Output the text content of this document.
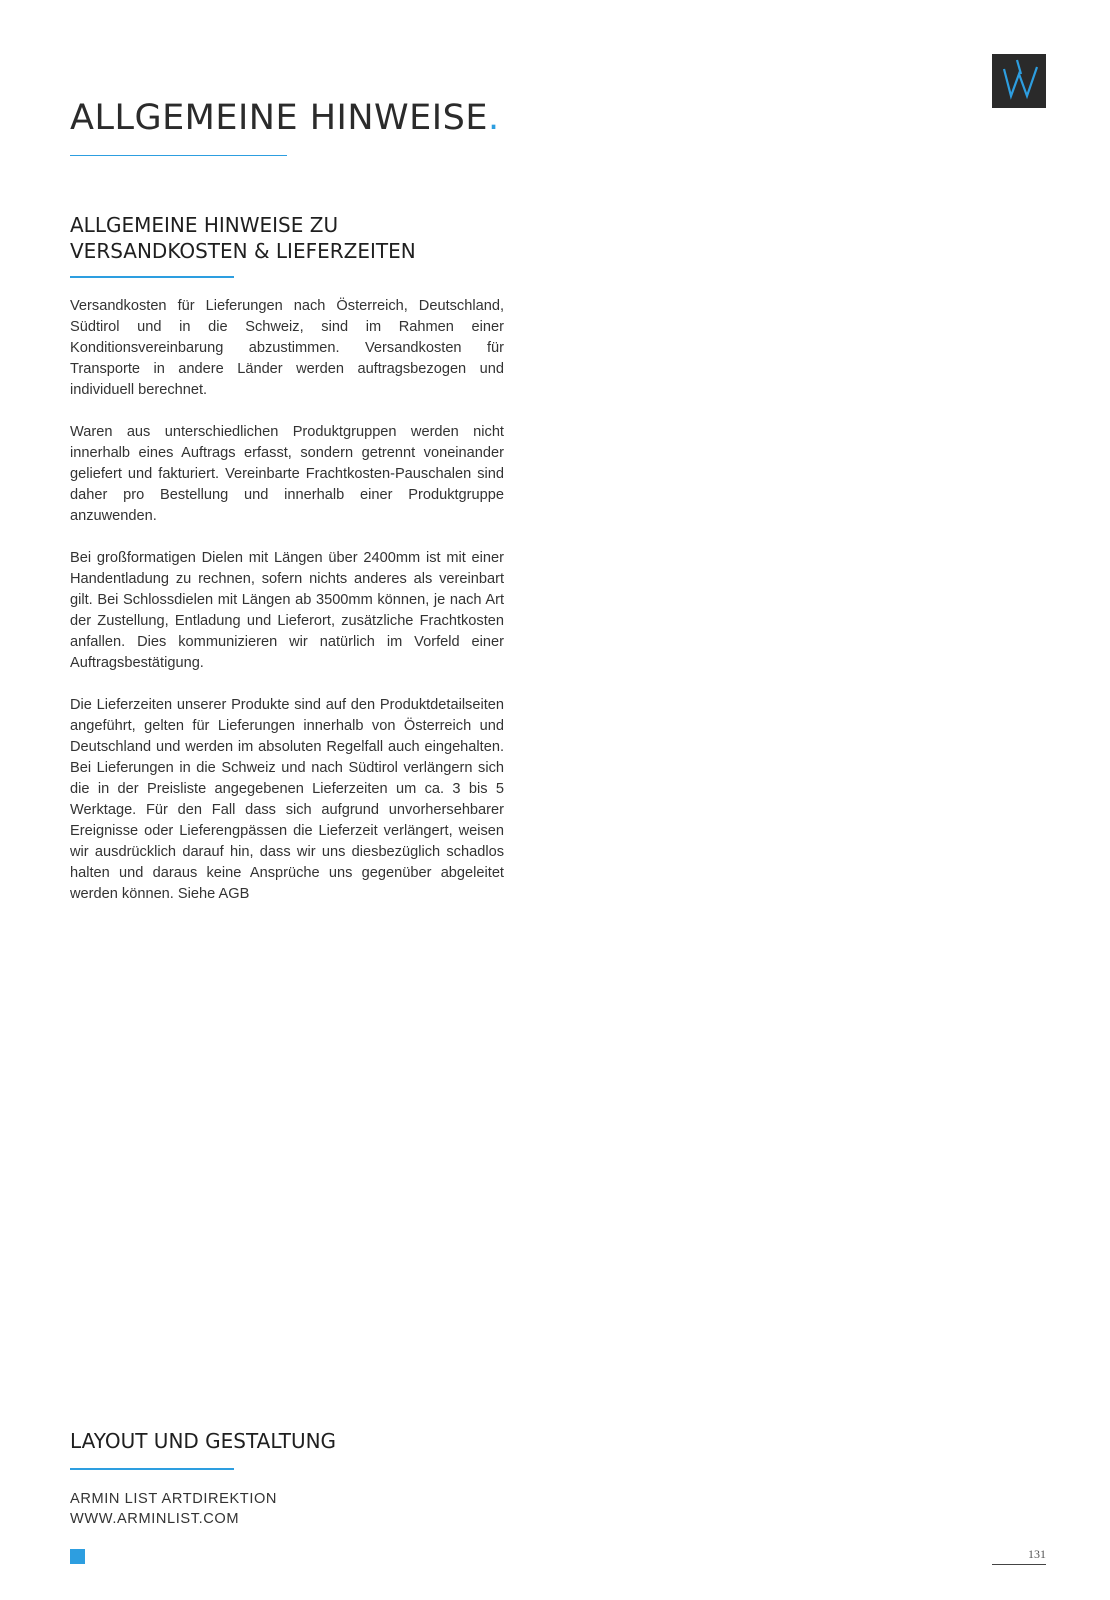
ALLGEMEINE HINWEISE.
ALLGEMEINE HINWEISE ZU
VERSANDKOSTEN & LIEFERZEITEN

Versandkosten für Lieferungen nach Österreich, Deutschland, Südtirol und in die Schweiz, sind im Rahmen einer Konditionsvereinbarung abzustimmen. Versandkosten für Transporte in andere Länder werden auftragsbezogen und individuell berechnet.

Waren aus unterschiedlichen Produktgruppen werden nicht innerhalb eines Auftrags erfasst, sondern getrennt voneinander geliefert und fakturiert. Vereinbarte Frachtkosten-Pauschalen sind daher pro Bestellung und innerhalb einer Produktgruppe anzuwenden.

Bei großformatigen Dielen mit Längen über 2400mm ist mit einer Handentladung zu rechnen, sofern nichts anderes als vereinbart gilt. Bei Schlossdielen mit Längen ab 3500mm können, je nach Art der Zustellung, Entladung und Lieferort, zusätzliche Frachtkosten anfallen. Dies kommunizieren wir natürlich im Vorfeld einer Auftragsbestätigung.

Die Lieferzeiten unserer Produkte sind auf den Produktdetailseiten angeführt, gelten für Lieferungen innerhalb von Österreich und Deutschland und werden im absoluten Regelfall auch eingehalten. Bei Lieferungen in die Schweiz und nach Südtirol verlängern sich die in der Preisliste angegebenen Lieferzeiten um ca. 3 bis 5 Werktage. Für den Fall dass sich aufgrund unvorhersehbarer Ereignisse oder Lieferengpässen die Lieferzeit verlängert, weisen wir ausdrücklich darauf hin, dass wir uns diesbezüglich schadlos halten und daraus keine Ansprüche uns gegenüber abgeleitet werden können. Siehe AGB

LAYOUT UND GESTALTUNG
ARMIN LIST ARTDIREKTION
WWW.ARMINLIST.COM
131
